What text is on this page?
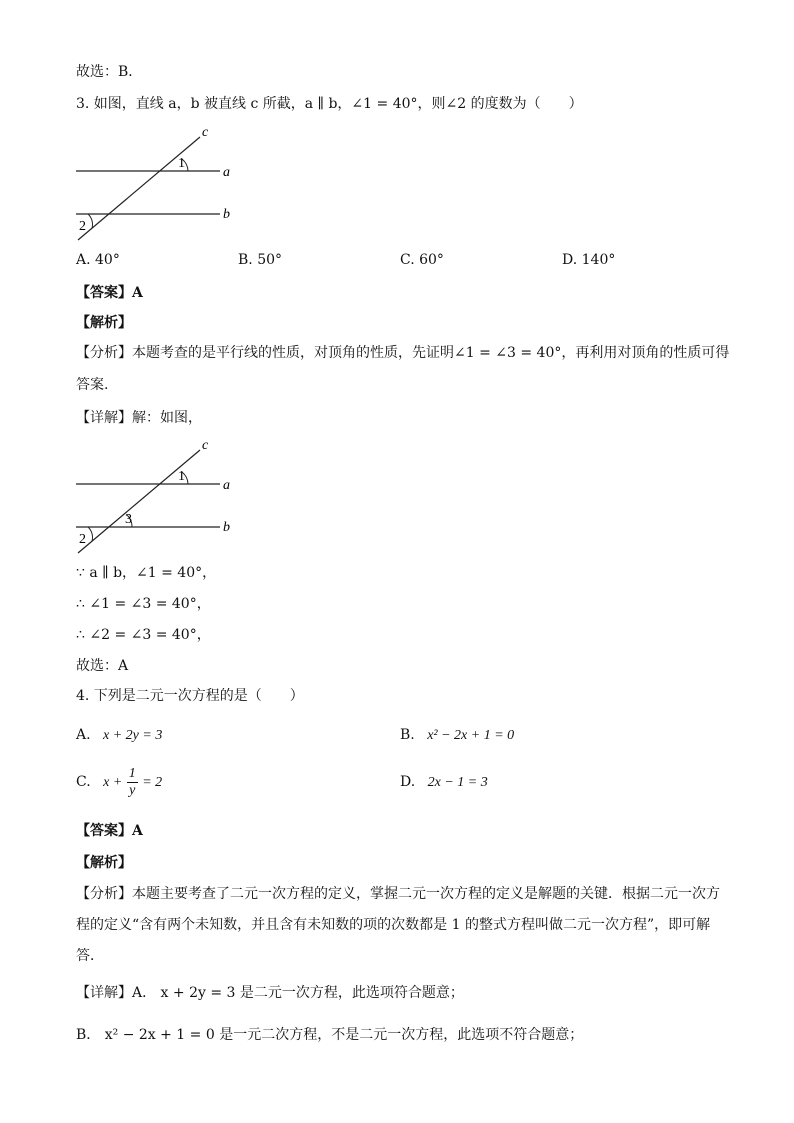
故选：B．
3. 如图，直线 a，b 被直线 c 所截，a ∥ b，∠1 = 40°，则∠2 的度数为（　　）
c
1
a
b
2
A. 40°	B. 50°	C. 60°	D. 140°
【答案】A
【解析】
【分析】本题考查的是平行线的性质，对顶角的性质，先证明∠1 = ∠3 = 40°，再利用对顶角的性质可得
答案.
【详解】解：如图，
c
1
3
a
b
2
∵ a ∥ b，∠1 = 40°，
∴ ∠1 = ∠3 = 40°，
∴ ∠2 = ∠3 = 40°，
故选：A
4. 下列是二元一次方程的是（　　）
A. x + 2y = 3	B. x² − 2x + 1 = 0
C. $x + \frac{1}{y} = 2$	D. 2x − 1 = 3
【答案】A
【解析】
【分析】本题主要考查了二元一次方程的定义，掌握二元一次方程的定义是解题的关键．根据二元一次方
程的定义“含有两个未知数，并且含有未知数的项的次数都是 1 的整式方程叫做二元一次方程”，即可解
答．
【详解】A． x + 2y = 3 是二元一次方程，此选项符合题意；
B． x² − 2x + 1 = 0 是一元二次方程，不是二元一次方程，此选项不符合题意；
